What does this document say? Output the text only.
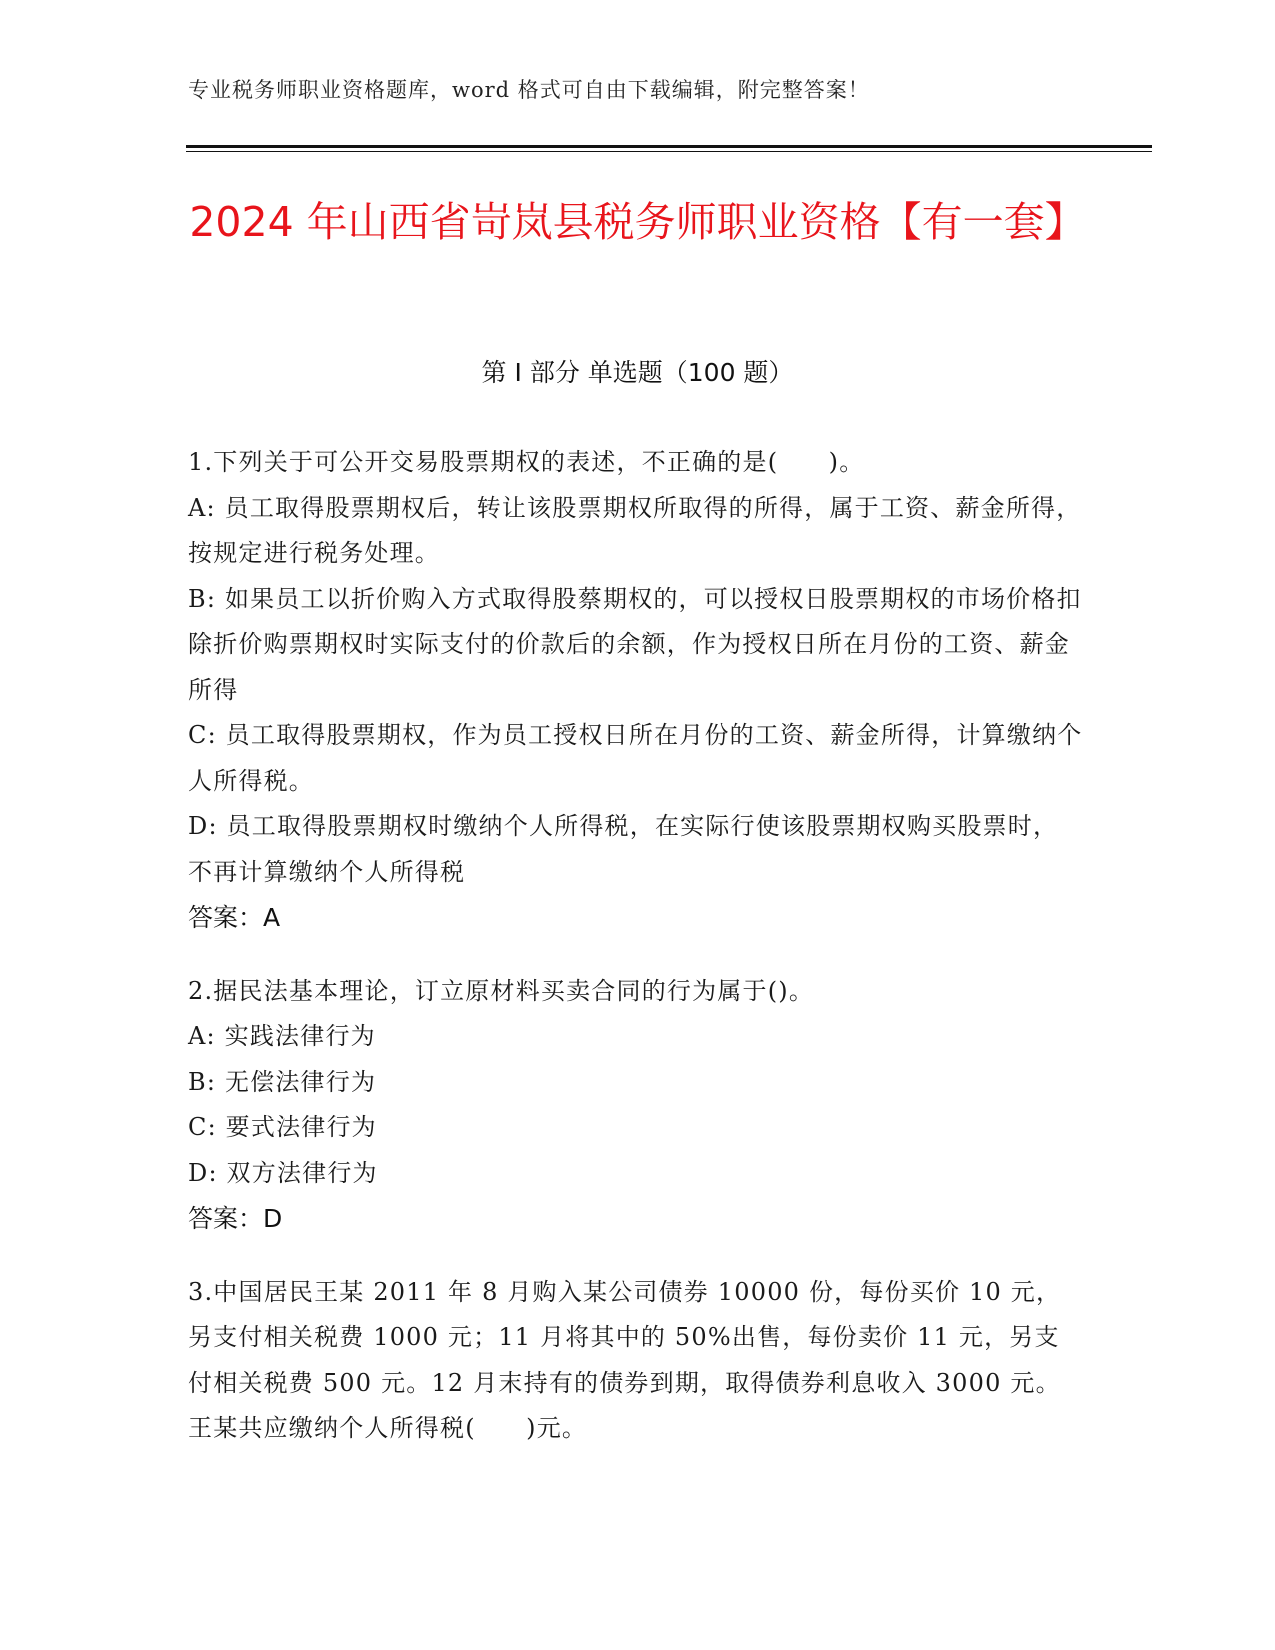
专业税务师职业资格题库，word 格式可自由下载编辑，附完整答案！
2024 年山西省岢岚县税务师职业资格【有一套】
第 I 部分 单选题（100 题）
1.下列关于可公开交易股票期权的表述，不正确的是(　　)。
A: 员工取得股票期权后，转让该股票期权所取得的所得，属于工资、薪金所得，按规定进行税务处理。
B: 如果员工以折价购入方式取得股蔡期权的，可以授权日股票期权的市场价格扣除折价购票期权时实际支付的价款后的余额，作为授权日所在月份的工资、薪金所得
C: 员工取得股票期权，作为员工授权日所在月份的工资、薪金所得，计算缴纳个人所得税。
D: 员工取得股票期权时缴纳个人所得税，在实际行使该股票期权购买股票时，不再计算缴纳个人所得税
答案：A
2.据民法基本理论，订立原材料买卖合同的行为属于()。
A: 实践法律行为
B: 无偿法律行为
C: 要式法律行为
D: 双方法律行为
答案：D
3.中国居民王某 2011 年 8 月购入某公司债券 10000 份，每份买价 10 元，另支付相关税费 1000 元；11 月将其中的 50%出售，每份卖价 11 元，另支付相关税费 500 元。12 月末持有的债券到期，取得债券利息收入 3000 元。王某共应缴纳个人所得税(　　)元。
